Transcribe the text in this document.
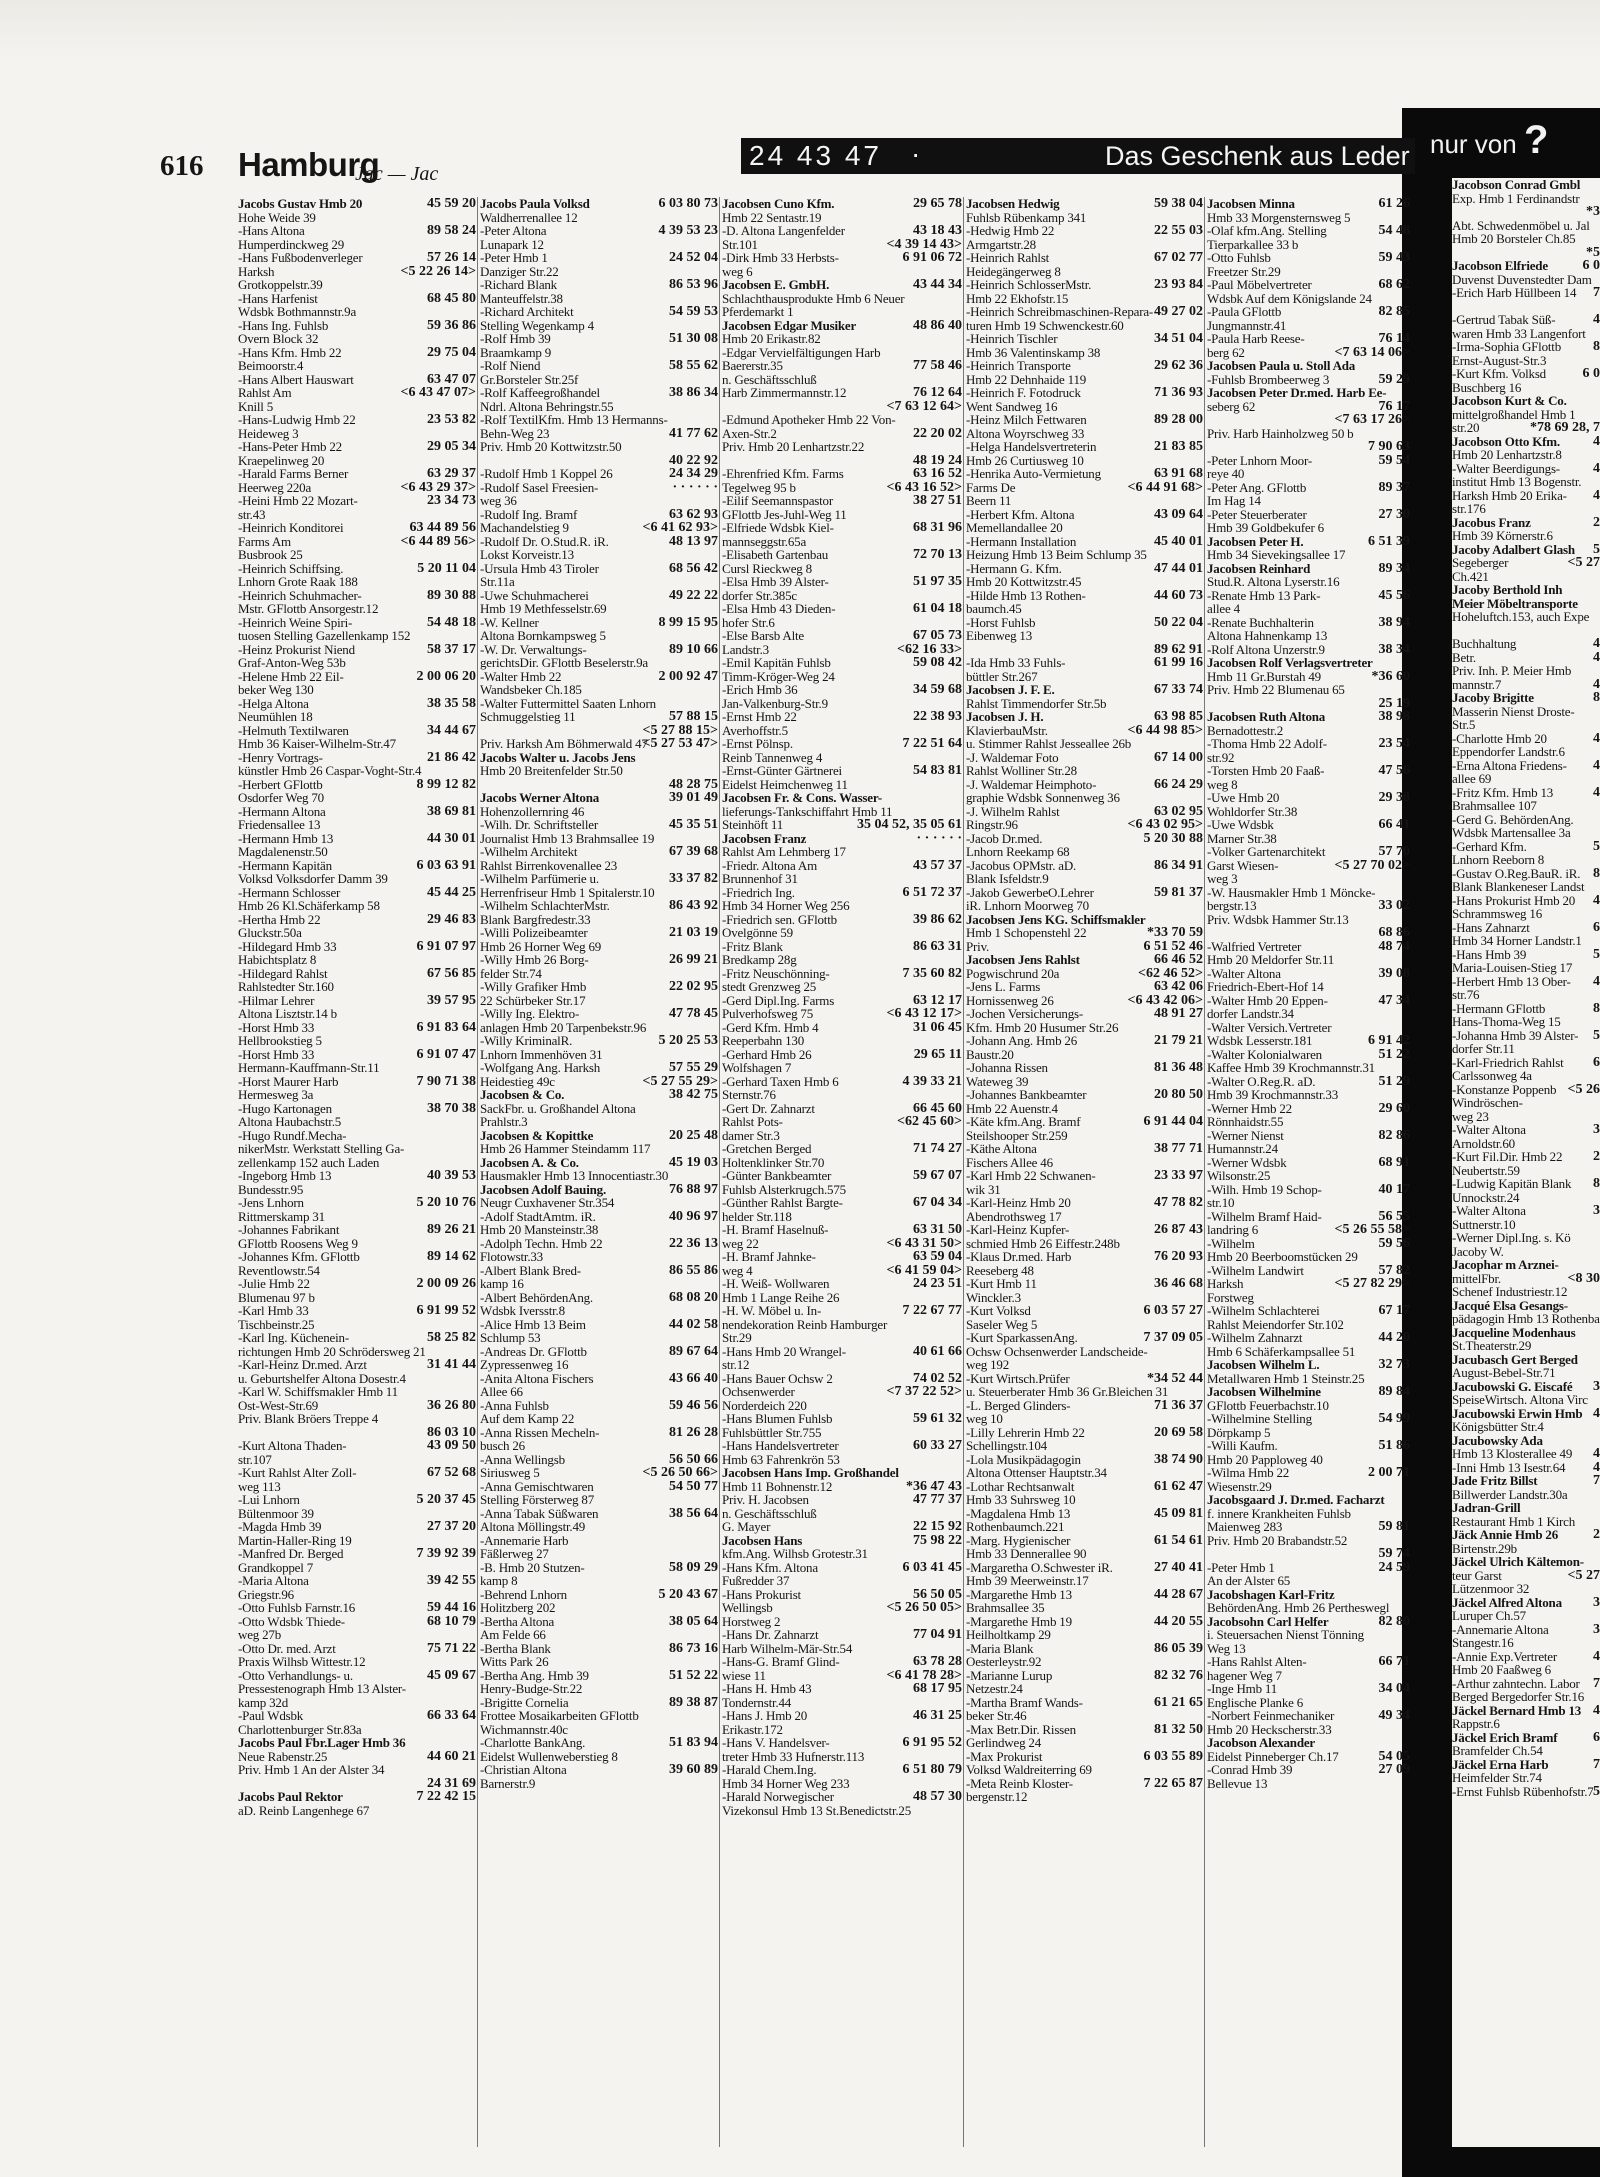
616 Hamburg
Jac — Jac
24 43 47 ·	Das Geschenk aus Leder nur von ?
45 59 20
Jacobs Gustav Hmb 20
Hohe Weide 39
89 58 24
-Hans Altona
Humperdinckweg 29
57 26 14
-Hans Fußbodenverleger
<5 22 26 14>
Harksh
Grotkoppelstr.39
68 45 80
-Hans Harfenist
Wdsbk Bothmannstr.9a
59 36 86
-Hans Ing. Fuhlsb
Overn Block 32
29 75 04
-Hans Kfm. Hmb 22
Beimoorstr.4
63 47 07
-Hans Albert Hauswart
<6 43 47 07>
Rahlst Am
Knill 5
23 53 82
-Hans-Ludwig Hmb 22
Heideweg 3
29 05 34
-Hans-Peter Hmb 22
Kraepelinweg 20
63 29 37
-Harald Farms Berner
<6 43 29 37>
Heerweg 220a
23 34 73
-Heini Hmb 22 Mozart-
str.43
63 44 89 56
-Heinrich Konditorei
<6 44 89 56>
Farms Am
Busbrook 25
5 20 11 04
-Heinrich Schiffsing.
Lnhorn Grote Raak 188
89 30 88
-Heinrich Schuhmacher-
Mstr. GFlottb Ansorgestr.12
54 48 18
-Heinrich Weine Spiri-
tuosen Stelling Gazellenkamp 152
58 37 17
-Heinz Prokurist Niend
Graf-Anton-Weg 53b
2 00 06 20
-Helene Hmb 22 Eil-
beker Weg 130
38 35 58
-Helga Altona
Neumühlen 18
34 44 67
-Helmuth Textilwaren
Hmb 36 Kaiser-Wilhelm-Str.47
21 86 42
-Henry Vortrags-
künstler Hmb 26 Caspar-Voght-Str.4
8 99 12 82
-Herbert GFlottb
Osdorfer Weg 70
38 69 81
-Hermann Altona
Friedensallee 13
44 30 01
-Hermann Hmb 13
Magdalenenstr.50
6 03 63 91
-Hermann Kapitän
Volksd Volksdorfer Damm 39
45 44 25
-Hermann Schlosser
Hmb 26 Kl.Schäferkamp 58
29 46 83
-Hertha Hmb 22
Gluckstr.50a
6 91 07 97
-Hildegard Hmb 33
Habichtsplatz 8
67 56 85
-Hildegard Rahlst
Rahlstedter Str.160
39 57 95
-Hilmar Lehrer
Altona Lisztstr.14 b
6 91 83 64
-Horst Hmb 33
Hellbrookstieg 5
6 91 07 47
-Horst Hmb 33
Hermann-Kauffmann-Str.11
7 90 71 38
-Horst Maurer Harb
Hermesweg 3a
38 70 38
-Hugo Kartonagen
Altona Haubachstr.5
-Hugo Rundf.Mecha-
nikerMstr. Werkstatt Stelling Ga-
zellenkamp 152 auch Laden
40 39 53
-Ingeborg Hmb 13
Bundesstr.95
5 20 10 76
-Jens Lnhorn
Rittmerskamp 31
89 26 21
-Johannes Fabrikant
GFlottb Roosens Weg 9
89 14 62
-Johannes Kfm. GFlottb
Reventlowstr.54
2 00 09 26
-Julie Hmb 22
Blumenau 97 b
6 91 99 52
-Karl Hmb 33
Tischbeinstr.25
58 25 82
-Karl Ing. Küchenein-
richtungen Hmb 20 Schrödersweg 21
31 41 44
-Karl-Heinz Dr.med. Arzt
u. Geburtshelfer Altona Dosestr.4
-Karl W. Schiffsmakler Hmb 11
36 26 80
Ost-West-Str.69
Priv. Blank Bröers Treppe 4
86 03 10

43 09 50
-Kurt Altona Thaden-
str.107
67 52 68
-Kurt Rahlst Alter Zoll-
weg 113
5 20 37 45
-Lui Lnhorn
Bültenmoor 39
27 37 20
-Magda Hmb 39
Martin-Haller-Ring 19
7 39 92 39
-Manfred Dr. Berged
Grandkoppel 7
39 42 55
-Maria Altona
Griegstr.96
59 44 16
-Otto Fuhlsb Farnstr.16
68 10 79
-Otto Wdsbk Thiede-
weg 27b
75 71 22
-Otto Dr. med. Arzt
Praxis Wilhsb Wittestr.12
45 09 67
-Otto Verhandlungs- u.
Pressestenograph Hmb 13 Alster-
kamp 32d
66 33 64
-Paul Wdsbk
Charlottenburger Str.83a
Jacobs Paul Fbr.Lager Hmb 36
44 60 21
Neue Rabenstr.25
Priv. Hmb 1 An der Alster 34
24 31 69

7 22 42 15
Jacobs Paul Rektor
aD. Reinb Langenhege 67
6 03 80 73
Jacobs Paula Volksd
Waldherrenallee 12
4 39 53 23
-Peter Altona
Lunapark 12
24 52 04
-Peter Hmb 1
Danziger Str.22
86 53 96
-Richard Blank
Manteuffelstr.38
54 59 53
-Richard Architekt
Stelling Wegenkamp 4
51 30 08
-Rolf Hmb 39
Braamkamp 9
58 55 62
-Rolf Niend
Gr.Borsteler Str.25f
38 86 34
-Rolf Kaffeegroßhandel
Ndrl. Altona Behringstr.55
-Rolf TextilKfm. Hmb 13 Hermanns-
41 77 62
Behn-Weg 23
Priv. Hmb 20 Kottwitzstr.50
40 22 92

24 34 29
-Rudolf Hmb 1 Koppel 26
· · · · · ·
-Rudolf Sasel Freesien-
weg 36
63 62 93
-Rudolf Ing. Bramf
<6 41 62 93>
Machandelstieg 9
48 13 97
-Rudolf Dr. O.Stud.R. iR.
Lokst Korveistr.13
68 56 42
-Ursula Hmb 43 Tiroler
Str.11a
49 22 22
-Uwe Schuhmacherei
Hmb 19 Methfesselstr.69
8 99 15 95
-W. Kellner
Altona Bornkampsweg 5
89 10 66
-W. Dr. Verwaltungs-
gerichtsDir. GFlottb Beselerstr.9a
2 00 92 47
-Walter Hmb 22
Wandsbeker Ch.185
-Walter Futtermittel Saaten Lnhorn
57 88 15
Schmuggelstieg 11
<5 27 88 15>

<5 27 53 47>
Priv. Harksh Am Böhmerwald 47
Jacobs Walter u. Jacobs Jens
Hmb 20 Breitenfelder Str.50
48 28 75

39 01 49
Jacobs Werner Altona
Hohenzollernring 46
45 35 51
-Wilh. Dr. Schriftsteller
Journalist Hmb 13 Brahmsallee 19
67 39 68
-Wilhelm Architekt
Rahlst Birrenkovenallee 23
33 37 82
-Wilhelm Parfümerie u.
Herrenfriseur Hmb 1 Spitalerstr.10
86 43 92
-Wilhelm SchlachterMstr.
Blank Bargfredestr.33
21 03 19
-Willi Polizeibeamter
Hmb 26 Horner Weg 69
26 99 21
-Willy Hmb 26 Borg-
felder Str.74
22 02 95
-Willy Grafiker Hmb
22 Schürbeker Str.17
47 78 45
-Willy Ing. Elektro-
anlagen Hmb 20 Tarpenbekstr.96
5 20 25 53
-Willy KriminalR.
Lnhorn Immenhöven 31
57 55 29
-Wolfgang Ang. Harksh
<5 27 55 29>
Heidestieg 49c
38 42 75
Jacobsen & Co.
SackFbr. u. Großhandel Altona
Prahlstr.3
20 25 48
Jacobsen & Kopittke
Hmb 26 Hammer Steindamm 117
45 19 03
Jacobsen A. & Co.
Hausmakler Hmb 13 Innocentiastr.30
76 88 97
Jacobsen Adolf Bauing.
Neugr Cuxhavener Str.354
40 96 97
-Adolf StadtAmtm. iR.
Hmb 20 Mansteinstr.38
22 36 13
-Adolph Techn. Hmb 22
Flotowstr.33
86 55 86
-Albert Blank Bred-
kamp 16
68 08 20
-Albert BehördenAng.
Wdsbk Iversstr.8
44 02 58
-Alice Hmb 13 Beim
Schlump 53
89 67 64
-Andreas Dr. GFlottb
Zypressenweg 16
43 66 40
-Anita Altona Fischers
Allee 66
59 46 56
-Anna Fuhlsb
Auf dem Kamp 22
81 26 28
-Anna Rissen Mecheln-
busch 26
56 50 66
-Anna Wellingsb
<5 26 50 66>
Siriusweg 5
54 50 77
-Anna Gemischtwaren
Stelling Försterweg 87
38 56 64
-Anna Tabak Süßwaren
Altona Möllingstr.49
-Annemarie Harb
Fäßlerweg 27
58 09 29
-B. Hmb 20 Stutzen-
kamp 8
5 20 43 67
-Behrend Lnhorn
Holitzberg 202
38 05 64
-Bertha Altona
Am Felde 66
86 73 16
-Bertha Blank
Witts Park 26
51 52 22
-Bertha Ang. Hmb 39
Henry-Budge-Str.22
89 38 87
-Brigitte Cornelia
Frottee Mosaikarbeiten GFlottb
Wichmannstr.40c
51 83 94
-Charlotte BankAng.
Eidelst Wullenweberstieg 8
39 60 89
-Christian Altona
Barnerstr.9
29 65 78
Jacobsen Cuno Kfm.
Hmb 22 Sentastr.19
43 18 43
-D. Altona Langenfelder
<4 39 14 43>
Str.101
6 91 06 72
-Dirk Hmb 33 Herbsts-
weg 6
43 44 34
Jacobsen E. GmbH.
Schlachthausprodukte Hmb 6 Neuer
Pferdemarkt 1
48 86 40
Jacobsen Edgar Musiker
Hmb 20 Erikastr.82
-Edgar Vervielfältigungen Harb
77 58 46
Baererstr.35
n. Geschäftsschluß
76 12 64
Harb Zimmermannstr.12
<7 63 12 64>

-Edmund Apotheker Hmb 22 Von-
22 20 02
Axen-Str.2
Priv. Hmb 20 Lenhartzstr.22
48 19 24

63 16 52
-Ehrenfried Kfm. Farms
<6 43 16 52>
Tegelweg 95 b
38 27 51
-Eilif Seemannspastor
GFlottb Jes-Juhl-Weg 11
68 31 96
-Elfriede Wdsbk Kiel-
mannseggstr.65a
72 70 13
-Elisabeth Gartenbau
Cursl Rieckweg 8
51 97 35
-Elsa Hmb 39 Alster-
dorfer Str.385c
61 04 18
-Elsa Hmb 43 Dieden-
hofer Str.6
67 05 73
-Else Barsb Alte
<62 16 33>
Landstr.3
59 08 42
-Emil Kapitän Fuhlsb
Timm-Kröger-Weg 24
34 59 68
-Erich Hmb 36
Jan-Valkenburg-Str.9
22 38 93
-Ernst Hmb 22
Averhoffstr.5
7 22 51 64
-Ernst Pölnsp.
Reinb Tannenweg 4
54 83 81
-Ernst-Günter Gärtnerei
Eidelst Heimchenweg 11
Jacobsen Fr. & Cons. Wasser-
lieferungs-Tankschiffahrt Hmb 11
35 04 52, 35 05 61
Steinhöft 11
· · · · · ·
Jacobsen Franz
Rahlst Am Lehmberg 17
43 57 37
-Friedr. Altona Am
Brunnenhof 31
6 51 72 37
-Friedrich Ing.
Hmb 34 Horner Weg 256
39 86 62
-Friedrich sen. GFlottb
Ovelgönne 59
86 63 31
-Fritz Blank
Bredkamp 28g
7 35 60 82
-Fritz Neuschönning-
stedt Grenzweg 25
63 12 17
-Gerd Dipl.Ing. Farms
<6 43 12 17>
Pulverhofsweg 75
31 06 45
-Gerd Kfm. Hmb 4
Reeperbahn 130
29 65 11
-Gerhard Hmb 26
Wolfshagen 7
4 39 33 21
-Gerhard Taxen Hmb 6
Sternstr.76
66 45 60
-Gert Dr. Zahnarzt
<62 45 60>
Rahlst Pots-
damer Str.3
71 74 27
-Gretchen Berged
Holtenklinker Str.70
59 67 07
-Günter Bankbeamter
Fuhlsb Alsterkrugch.575
67 04 34
-Günther Rahlst Bargte-
helder Str.118
63 31 50
-H. Bramf Haselnuß-
<6 43 31 50>
weg 22
63 59 04
-H. Bramf Jahnke-
<6 41 59 04>
weg 4
24 23 51
-H. Weiß- Wollwaren
Hmb 1 Lange Reihe 26
7 22 67 77
-H. W. Möbel u. In-
nendekoration Reinb Hamburger
Str.29
40 61 66
-Hans Hmb 20 Wrangel-
str.12
74 02 52
-Hans Bauer Ochsw 2
<7 37 22 52>
Ochsenwerder
Norderdeich 220
59 61 32
-Hans Blumen Fuhlsb
Fuhlsbüttler Str.755
60 33 27
-Hans Handelsvertreter
Hmb 63 Fahrenkrön 53
Jacobsen Hans Imp. Großhandel
*36 47 43
Hmb 11 Bohnenstr.12
47 77 37
Priv. H. Jacobsen
n. Geschäftsschluß
22 15 92
G. Mayer
75 98 22
Jacobsen Hans
kfm.Ang. Wilhsb Grotestr.31
6 03 41 45
-Hans Kfm. Altona
Fußredder 37
56 50 05
-Hans Prokurist
<5 26 50 05>
Wellingsb
Horstweg 2
77 04 91
-Hans Dr. Zahnarzt
Harb Wilhelm-Mär-Str.54
63 78 28
-Hans-G. Bramf Glind-
<6 41 78 28>
wiese 11
68 17 95
-Hans H. Hmb 43
Tondernstr.44
46 31 25
-Hans J. Hmb 20
Erikastr.172
6 91 95 52
-Hans V. Handelsver-
treter Hmb 33 Hufnerstr.113
6 51 80 79
-Harald Chem.Ing.
Hmb 34 Horner Weg 233
48 57 30
-Harald Norwegischer
Vizekonsul Hmb 13 St.Benedictstr.25
59 38 04
Jacobsen Hedwig
Fuhlsb Rübenkamp 341
22 55 03
-Hedwig Hmb 22
Armgartstr.28
67 02 77
-Heinrich Rahlst
Heidegängerweg 8
23 93 84
-Heinrich SchlosserMstr.
Hmb 22 Ekhofstr.15
49 27 02
-Heinrich Schreibmaschinen-Repara-
turen Hmb 19 Schwenckestr.60
34 51 04
-Heinrich Tischler
Hmb 36 Valentinskamp 38
29 62 36
-Heinrich Transporte
Hmb 22 Dehnhaide 119
71 36 93
-Heinrich F. Fotodruck
Went Sandweg 16
89 28 00
-Heinz Milch Fettwaren
Altona Woyrschweg 33
21 83 85
-Helga Handelsvertreterin
Hmb 26 Curtiusweg 10
63 91 68
-Henrika Auto-Vermietung
<6 44 91 68>
Farms De
Beern 11
43 09 64
-Herbert Kfm. Altona
Memellandallee 20
45 40 01
-Hermann Installation
Heizung Hmb 13 Beim Schlump 35
47 44 01
-Hermann G. Kfm.
Hmb 20 Kottwitzstr.45
44 60 73
-Hilde Hmb 13 Rothen-
baumch.45
50 22 04
-Horst Fuhlsb
Eibenweg 13
89 62 91

61 99 16
-Ida Hmb 33 Fuhls-
büttler Str.267
67 33 74
Jacobsen J. F. E.
Rahlst Timmendorfer Str.5b
63 98 85
Jacobsen J. H.
<6 44 98 85>
KlavierbauMstr.
u. Stimmer Rahlst Jesseallee 26b
67 14 00
-J. Waldemar Foto
Rahlst Wolliner Str.28
66 24 29
-J. Waldemar Heimphoto-
graphie Wdsbk Sonnenweg 36
63 02 95
-J. Wilhelm Rahlst
<6 43 02 95>
Ringstr.96
5 20 30 88
-Jacob Dr.med.
Lnhorn Reekamp 68
86 34 91
-Jacobus OPMstr. aD.
Blank Isfeldstr.9
59 81 37
-Jakob GewerbeO.Lehrer
iR. Lnhorn Moorweg 70
Jacobsen Jens KG. Schiffsmakler
*33 70 59
Hmb 1 Schopenstehl 22
6 51 52 46
Priv.
66 46 52
Jacobsen Jens Rahlst
<62 46 52>
Pogwischrund 20a
63 42 06
-Jens L. Farms
<6 43 42 06>
Hornissenweg 26
48 91 27
-Jochen Versicherungs-
Kfm. Hmb 20 Husumer Str.26
21 79 21
-Johann Ang. Hmb 26
Baustr.20
81 36 48
-Johanna Rissen
Wateweg 39
20 80 50
-Johannes Bankbeamter
Hmb 22 Auenstr.4
6 91 44 04
-Käte kfm.Ang. Bramf
Steilshooper Str.259
38 77 71
-Käthe Altona
Fischers Allee 46
23 33 97
-Karl Hmb 22 Schwanen-
wik 31
47 78 82
-Karl-Heinz Hmb 20
Abendrothsweg 17
26 87 43
-Karl-Heinz Kupfer-
schmied Hmb 26 Eiffestr.248b
76 20 93
-Klaus Dr.med. Harb
Reeseberg 48
36 46 68
-Kurt Hmb 11
Winckler.3
6 03 57 27
-Kurt Volksd
Saseler Weg 5
7 37 09 05
-Kurt SparkassenAng.
Ochsw Ochsenwerder Landscheide-
weg 192
*34 52 44
-Kurt Wirtsch.Prüfer
u. Steuerberater Hmb 36 Gr.Bleichen 31
71 36 37
-L. Berged Glinders-
weg 10
20 69 58
-Lilly Lehrerin Hmb 22
Schellingstr.104
38 74 90
-Lola Musikpädagogin
Altona Ottenser Hauptstr.34
61 62 47
-Lothar Rechtsanwalt
Hmb 33 Suhrsweg 10
45 09 81
-Magdalena Hmb 13
Rothenbaumch.221
61 54 61
-Marg. Hygienischer
Hmb 33 Dennerallee 90
27 40 41
-Margaretha O.Schwester iR.
Hmb 39 Meerweinstr.17
44 28 67
-Margarethe Hmb 13
Brahmsallee 35
44 20 55
-Margarethe Hmb 19
Heilholtkamp 29
86 05 39
-Maria Blank
Oesterleystr.92
82 32 76
-Marianne Lurup
Netzestr.24
61 21 65
-Martha Bramf Wands-
beker Str.46
81 32 50
-Max Betr.Dir. Rissen
Gerlindweg 24
6 03 55 89
-Max Prokurist
Volksd Waldreiterring 69
7 22 65 87
-Meta Reinb Kloster-
bergenstr.12
61 26
Jacobsen Minna
Hmb 33 Morgensternsweg 5
54 48
-Olaf kfm.Ang. Stelling
Tierparkallee 33 b
59 43
-Otto Fuhlsb
Freetzer Str.29
68 62
-Paul Möbelvertreter
Wdsbk Auf dem Königslande 24
82 85
-Paula GFlottb
Jungmannstr.41
76 14
-Paula Harb Reese-
<7 63 14 06>
berg 62
Jacobsen Paula u. Stoll Ada
59 29
-Fuhlsb Brombeerweg 3
Jacobsen Peter Dr.med. Harb Ee-
76 17
seberg 62
<7 63 17 26>

Priv. Harb Hainholzweg 50 b
7 90 63

59 54
-Peter Lnhorn Moor-
reye 40
89 37
-Peter Ang. GFlottb
Im Hag 14
27 30
-Peter Steuerberater
Hmb 39 Goldbekufer 6
6 51 39
Jacobsen Peter H.
Hmb 34 Sievekingsallee 17
89 34
Jacobsen Reinhard
Stud.R. Altona Lyserstr.16
45 56
-Renate Hmb 13 Park-
allee 4
38 94
-Renate Buchhalterin
Altona Hahnenkamp 13
38 34
-Rolf Altona Unzerstr.9
Jacobsen Rolf Verlagsvertreter
*36 60
Hmb 11 Gr.Burstah 49
Priv. Hmb 22 Blumenau 65
25 19

38 98
Jacobsen Ruth Altona
Bernadottestr.2
23 54
-Thoma Hmb 22 Adolf-
str.92
47 56
-Torsten Hmb 20 Faaß-
weg 8
29 38
-Uwe Hmb 20
Wohldorfer Str.38
66 41
-Uwe Wdsbk
Marner Str.38
57 70
-Volker Gartenarchitekt
<5 27 70 02>
Garst Wiesen-
weg 3
-W. Hausmakler Hmb 1 Möncke-
33 02
bergstr.13
Priv. Wdsbk Hammer Str.13
68 86

48 74
-Walfried Vertreter
Hmb 20 Meldorfer Str.11
39 08
-Walter Altona
Friedrich-Ebert-Hof 14
47 34
-Walter Hmb 20 Eppen-
dorfer Landstr.34
-Walter Versich.Vertreter
6 91 42
Wdsbk Lesserstr.181
51 22
-Walter Kolonialwaren
Kaffee Hmb 39 Krochmannstr.31
51 29
-Walter O.Reg.R. aD.
Hmb 39 Krochmannstr.33
29 60
-Werner Hmb 22
Rönnhaidstr.55
82 86
-Werner Nienst
Humannstr.24
68 91
-Werner Wdsbk
Wilsonstr.25
40 17
-Wilh. Hmb 19 Schop-
str.10
56 55
-Wilhelm Bramf Haid-
<5 26 55 58>
landring 6
59 56
-Wilhelm
Hmb 20 Beerboomstücken 29
57 82
-Wilhelm Landwirt
<5 27 82 29>
Harksh
Forstweg
67 17
-Wilhelm Schlachterei
Rahlst Meiendorfer Str.102
44 20
-Wilhelm Zahnarzt
Hmb 6 Schäferkampsallee 51
32 73
Jacobsen Wilhelm L.
Metallwaren Hmb 1 Steinstr.25
89 84
Jacobsen Wilhelmine
GFlottb Feuerbachstr.10
54 99
-Wilhelmine Stelling
Dörpkamp 5
51 86
-Willi Kaufm.
Hmb 20 Papploweg 40
2 00 71
-Wilma Hmb 22
Wiesenstr.29
Jacobsgaard J. Dr.med. Facharzt
f. innere Krankheiten Fuhlsb
59 81
Maienweg 283
Priv. Hmb 20 Brabandstr.52
59 74

24 59
-Peter Hmb 1
An der Alster 65
Jacobshagen Karl-Fritz
BehördenAng. Hmb 26 Pertheswegl
82 80
Jacobsohn Carl Helfer
i. Steuersachen Nienst Tönning
Weg 13
66 71
-Hans Rahlst Alten-
hagener Weg 7
34 04
-Inge Hmb 11
Englische Planke 6
49 34
-Norbert Feinmechaniker
Hmb 20 Heckscherstr.33
Jacobson Alexander
54 05
Eidelst Pinneberger Ch.17
27 09
-Conrad Hmb 39
Bellevue 13
Jacobson Conrad Gmbl
Exp. Hmb 1 Ferdinandstr
*3

Abt. Schwedenmöbel u. Jal
Hmb 20 Borsteler Ch.85
*5

6 0
Jacobson Elfriede
Duvenst Duvenstedter Dam
7
-Erich Harb Hüllbeen 14

4
-Gertrud Tabak Süß-
waren Hmb 33 Langenfort
8
-Irma-Sophia GFlottb
Ernst-August-Str.3
6 0
-Kurt Kfm. Volksd
Buschberg 16
Jacobson Kurt & Co.
mittelgroßhandel Hmb 1
*78 69 28, 7
str.20
4
Jacobson Otto Kfm.
Hmb 20 Lenhartzstr.8
4
-Walter Beerdigungs-
institut Hmb 13 Bogenstr.
4
Harksh Hmb 20 Erika-
str.176
2
Jacobus Franz
Hmb 39 Körnerstr.6
5
Jacoby Adalbert Glash
<5 27
Segeberger
Ch.421
Jacoby Berthold Inh
Meier Möbeltransporte
Hoheluftch.153, auch Expe

4
Buchhaltung
4
Betr.
Priv. Inh. P. Meier Hmb
4
mannstr.7
8
Jacoby Brigitte
Masserin Nienst Droste-
Str.5
4
-Charlotte Hmb 20
Eppendorfer Landstr.6
4
-Erna Altona Friedens-
allee 69
4
-Fritz Kfm. Hmb 13
Brahmsallee 107
-Gerd G. BehördenAng.
Wdsbk Martensallee 3a
5
-Gerhard Kfm.
Lnhorn Reeborn 8
8
-Gustav O.Reg.BauR. iR.
Blank Blankeneser Landst
4
-Hans Prokurist Hmb 20
Schrammsweg 16
6
-Hans Zahnarzt
Hmb 34 Horner Landstr.1
5
-Hans Hmb 39
Maria-Louisen-Stieg 17
4
-Herbert Hmb 13 Ober-
str.76
8
-Hermann GFlottb
Hans-Thoma-Weg 15
5
-Johanna Hmb 39 Alster-
dorfer Str.11
6
-Karl-Friedrich Rahlst
Carlssonweg 4a
<5 26
-Konstanze Poppenb
Windröschen-
weg 23
3
-Walter Altona
Arnoldstr.60
2
-Kurt Fil.Dir. Hmb 22
Neubertstr.59
8
-Ludwig Kapitän Blank
Unnockstr.24
3
-Walter Altona
Suttnerstr.10
-Werner Dipl.Ing. s. Kö
Jacoby W.
Jacophar m Arznei-
<8 30
mittelFbr.
Schenef Industriestr.12
Jacqué Elsa Gesangs-
pädagogin Hmb 13 Rothenba
Jacqueline Modenhaus
St.Theaterstr.29
Jacubasch Gert Berged
August-Bebel-Str.71
3
Jacubowski G. Eiscafé
SpeiseWirtsch. Altona Virc
4
Jacubowski Erwin Hmb
Königsbütter Str.4
Jacubowsky Ada
4
Hmb 13 Klosterallee 49
4
-Inni Hmb 13 Isestr.64
7
Jade Fritz Billst
Billwerder Landstr.30a
Jadran-Grill
Restaurant Hmb 1 Kirch
2
Jäck Annie Hmb 26
Birtenstr.29b
Jäckel Ulrich Kältemon-
<5 27
teur Garst
Lützenmoor 32
3
Jäckel Alfred Altona
Luruper Ch.57
3
-Annemarie Altona
Stangestr.16
4
-Annie Exp.Vertreter
Hmb 20 Faaßweg 6
7
-Arthur zahntechn. Labor
Berged Bergedorfer Str.16
4
Jäckel Bernard Hmb 13
Rappstr.6
6
Jäckel Erich Bramf
Bramfelder Ch.54
7
Jäckel Erna Harb
Heimfelder Str.74
5
-Ernst Fuhlsb Rübenhofstr.7
